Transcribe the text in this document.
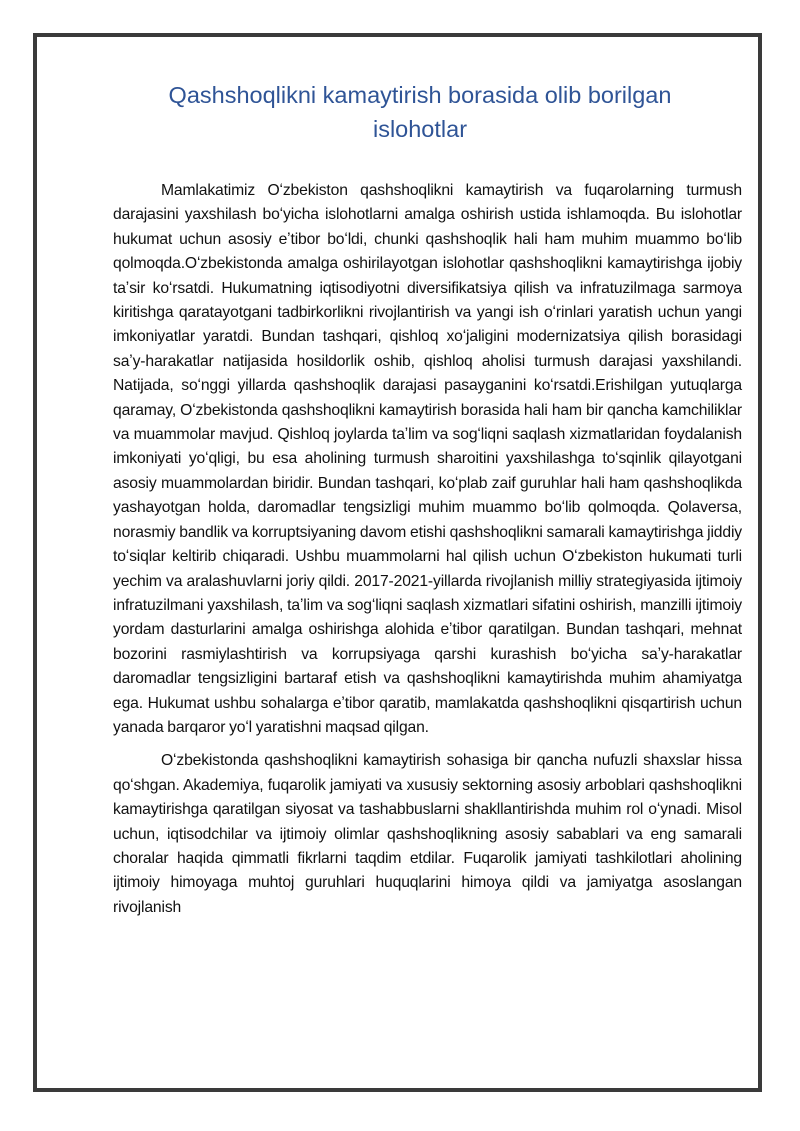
Qashshoqlikni kamaytirish borasida olib borilgan islohotlar

Mamlakatimiz Oʻzbekiston qashshoqlikni kamaytirish va fuqarolarning turmush darajasini yaxshilash boʻyicha islohotlarni amalga oshirish ustida ishlamoqda. Bu islohotlar hukumat uchun asosiy eʼtibor boʻldi, chunki qashshoqlik hali ham muhim muammo boʻlib qolmoqda.Oʻzbekistonda amalga oshirilayotgan islohotlar qashshoqlikni kamaytirishga ijobiy taʼsir koʻrsatdi. Hukumatning iqtisodiyotni diversifikatsiya qilish va infratuzilmaga sarmoya kiritishga qaratayotgani tadbirkorlikni rivojlantirish va yangi ish oʻrinlari yaratish uchun yangi imkoniyatlar yaratdi. Bundan tashqari, qishloq xoʻjaligini modernizatsiya qilish borasidagi saʼy-harakatlar natijasida hosildorlik oshib, qishloq aholisi turmush darajasi yaxshilandi. Natijada, soʻnggi yillarda qashshoqlik darajasi pasayganini koʻrsatdi.Erishilgan yutuqlarga qaramay, Oʻzbekistonda qashshoqlikni kamaytirish borasida hali ham bir qancha kamchiliklar va muammolar mavjud. Qishloq joylarda taʼlim va sogʻliqni saqlash xizmatlaridan foydalanish imkoniyati yoʻqligi, bu esa aholining turmush sharoitini yaxshilashga toʻsqinlik qilayotgani asosiy muammolardan biridir. Bundan tashqari, koʻplab zaif guruhlar hali ham qashshoqlikda yashayotgan holda, daromadlar tengsizligi muhim muammo boʻlib qolmoqda. Qolaversa, norasmiy bandlik va korruptsiyaning davom etishi qashshoqlikni samarali kamaytirishga jiddiy toʻsiqlar keltirib chiqaradi. Ushbu muammolarni hal qilish uchun Oʻzbekiston hukumati turli yechim va aralashuvlarni joriy qildi. 2017-2021-yillarda rivojlanish milliy strategiyasida ijtimoiy infratuzilmani yaxshilash, taʼlim va sogʻliqni saqlash xizmatlari sifatini oshirish, manzilli ijtimoiy yordam dasturlarini amalga oshirishga alohida eʼtibor qaratilgan. Bundan tashqari, mehnat bozorini rasmiylashtirish va korrupsiyaga qarshi kurashish boʻyicha saʼy-harakatlar daromadlar tengsizligini bartaraf etish va qashshoqlikni kamaytirishda muhim ahamiyatga ega. Hukumat ushbu sohalarga eʼtibor qaratib, mamlakatda qashshoqlikni qisqartirish uchun yanada barqaror yoʻl yaratishni maqsad qilgan.

Oʻzbekistonda qashshoqlikni kamaytirish sohasiga bir qancha nufuzli shaxslar hissa qoʻshgan. Akademiya, fuqarolik jamiyati va xususiy sektorning asosiy arboblari qashshoqlikni kamaytirishga qaratilgan siyosat va tashabbuslarni shakllantirishda muhim rol oʻynadi. Misol uchun, iqtisodchilar va ijtimoiy olimlar qashshoqlikning asosiy sabablari va eng samarali choralar haqida qimmatli fikrlarni taqdim etdilar. Fuqarolik jamiyati tashkilotlari aholining ijtimoiy himoyaga muhtoj guruhlari huquqlarini himoya qildi va jamiyatga asoslangan rivojlanish
